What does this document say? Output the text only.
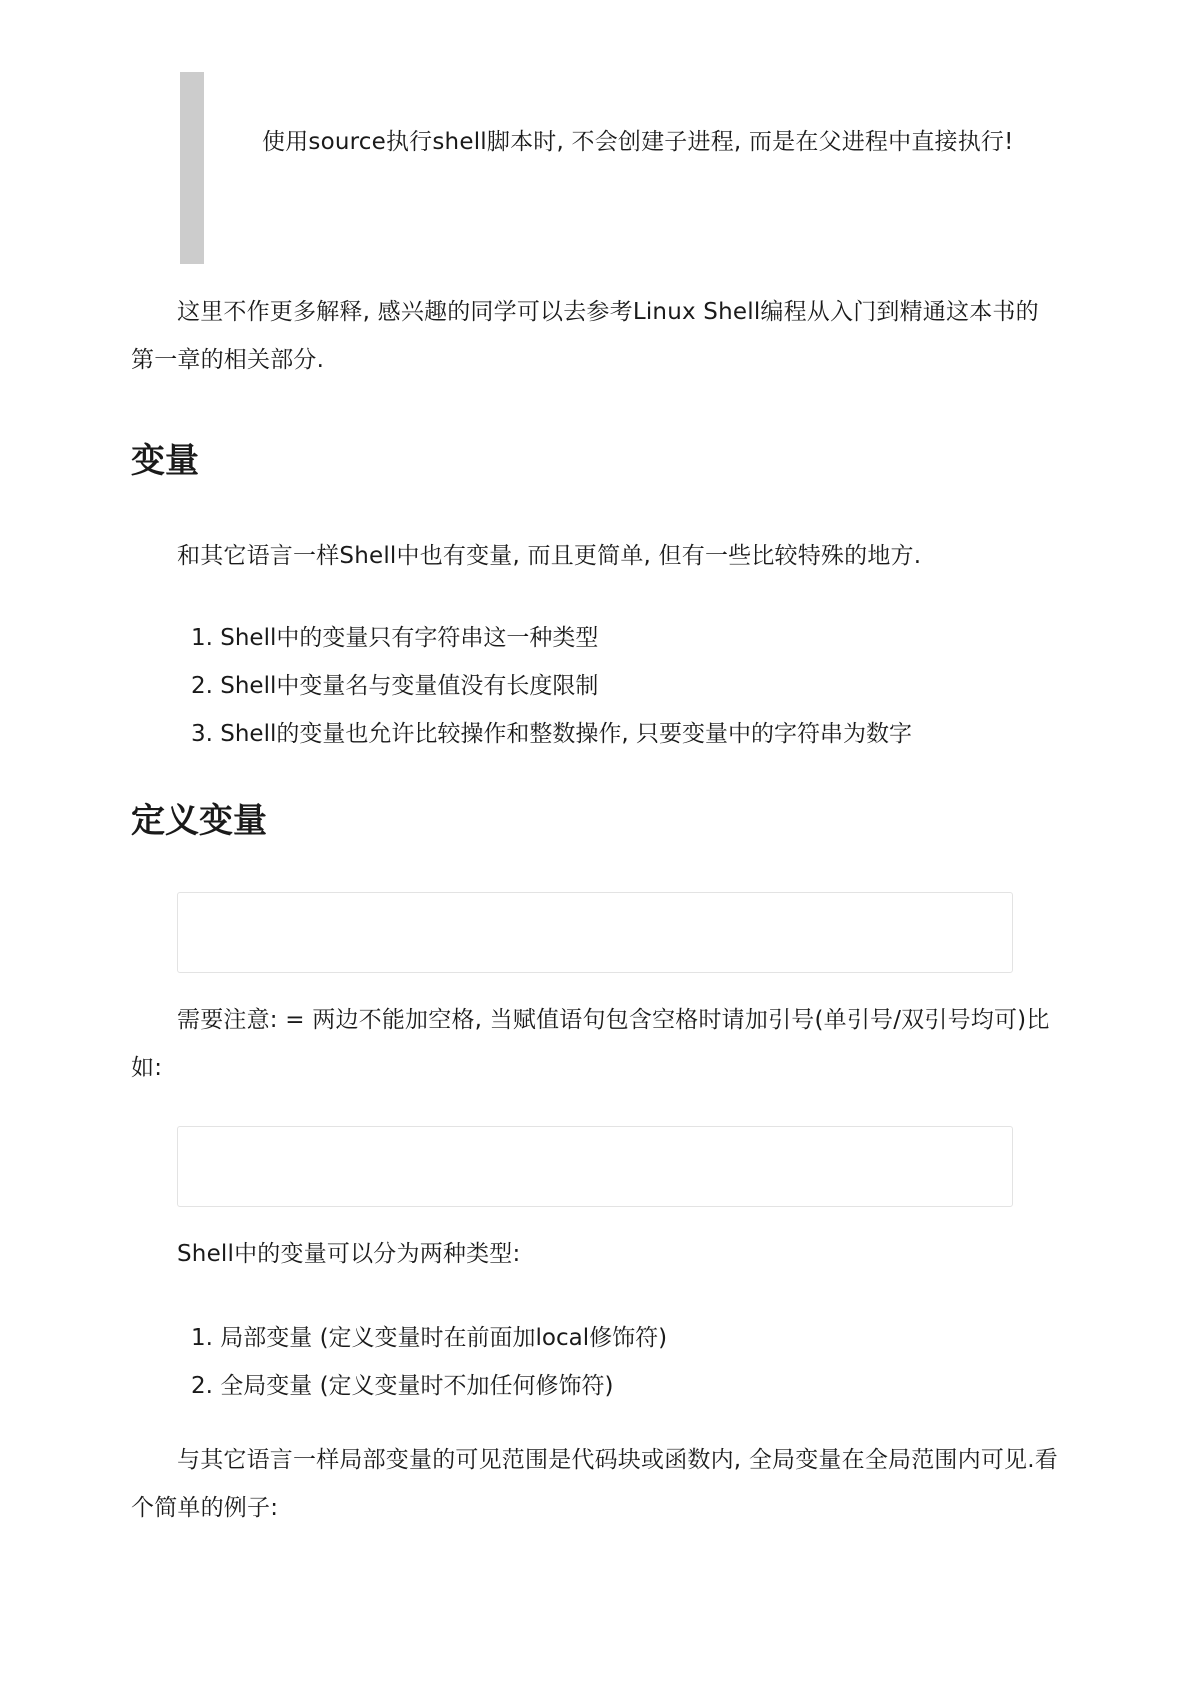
使用source执行shell脚本时, 不会创建子进程, 而是在父进程中直接执行!
这里不作更多解释, 感兴趣的同学可以去参考Linux Shell编程从入门到精通这本书的第一章的相关部分.
变量
和其它语言一样Shell中也有变量, 而且更简单, 但有一些比较特殊的地方.
1. Shell中的变量只有字符串这一种类型
2. Shell中变量名与变量值没有长度限制
3. Shell的变量也允许比较操作和整数操作, 只要变量中的字符串为数字
定义变量
需要注意: = 两边不能加空格, 当赋值语句包含空格时请加引号(单引号/双引号均可)比如:
Shell中的变量可以分为两种类型:
1. 局部变量 (定义变量时在前面加local修饰符)
2. 全局变量 (定义变量时不加任何修饰符)
与其它语言一样局部变量的可见范围是代码块或函数内, 全局变量在全局范围内可见.看个简单的例子:
